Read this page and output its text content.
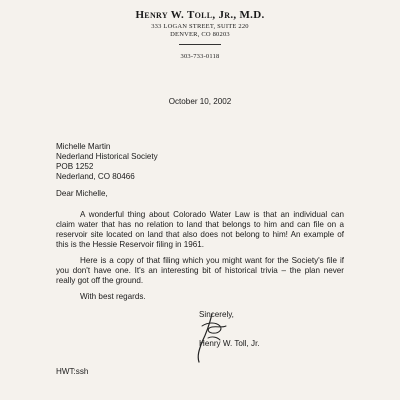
Henry W. Toll, Jr., M.D.
333 LOGAN STREET, SUITE 220
DENVER, CO 80203
303-733-0118
October 10, 2002
Michelle Martin
Nederland Historical Society
POB 1252
Nederland, CO 80466
Dear Michelle,
A wonderful thing about Colorado Water Law is that an individual can
claim water that has no relation to land that belongs to him and can file on a
reservoir site located on land that also does not belong to him! An example of
this is the Hessie Reservoir filing in 1961.
Here is a copy of that filing which you might want for the Society's file if
you don't have one. It's an interesting bit of historical trivia – the plan never
really got off the ground.
With best regards.
Sincerely,
Henry W. Toll, Jr.
HWT:ssh
